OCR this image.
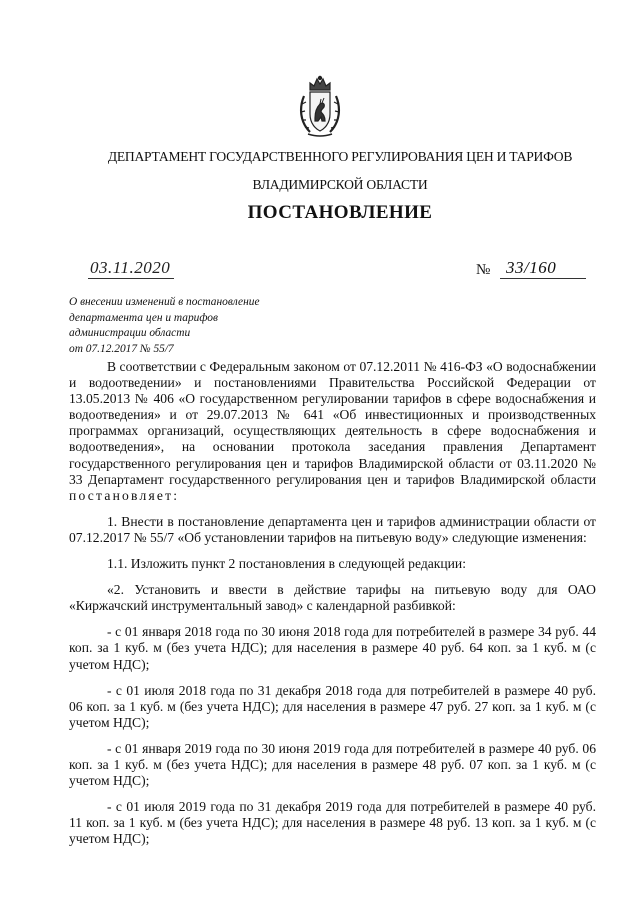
ДЕПАРТАМЕНТ ГОСУДАРСТВЕННОГО РЕГУЛИРОВАНИЯ ЦЕН И ТАРИФОВ
ВЛАДИМИРСКОЙ ОБЛАСТИ
ПОСТАНОВЛЕНИЕ
03.11.2020	№ 33/160
О внесении изменений в постановление
департамента цен и тарифов
администрации области
от 07.12.2017 № 55/7

В соответствии с Федеральным законом от 07.12.2011 № 416-ФЗ «О водоснабжении и водоотведении» и постановлениями Правительства Российской Федерации от 13.05.2013 № 406 «О государственном регулировании тарифов в сфере водоснабжения и водоотведения» и от 29.07.2013 № 641 «Об инвестиционных и производственных программах организаций, осуществляющих деятельность в сфере водоснабжения и водоотведения», на основании протокола заседания правления Департамент государственного регулирования цен и тарифов Владимирской области от 03.11.2020 № 33 Департамент государственного регулирования цен и тарифов Владимирской области постановляет:

1. Внести в постановление департамента цен и тарифов администрации области от 07.12.2017 № 55/7 «Об установлении тарифов на питьевую воду» следующие изменения:

1.1. Изложить пункт 2 постановления в следующей редакции:

«2. Установить и ввести в действие тарифы на питьевую воду для ОАО «Киржачский инструментальный завод» с календарной разбивкой:

- с 01 января 2018 года по 30 июня 2018 года для потребителей в размере 34 руб. 44 коп. за 1 куб. м (без учета НДС); для населения в размере 40 руб. 64 коп. за 1 куб. м (с учетом НДС);

- с 01 июля 2018 года по 31 декабря 2018 года для потребителей в размере 40 руб. 06 коп. за 1 куб. м (без учета НДС); для населения в размере 47 руб. 27 коп. за 1 куб. м (с учетом НДС);

- с 01 января 2019 года по 30 июня 2019 года для потребителей в размере 40 руб. 06 коп. за 1 куб. м (без учета НДС); для населения в размере 48 руб. 07 коп. за 1 куб. м (с учетом НДС);

- с 01 июля 2019 года по 31 декабря 2019 года для потребителей в размере 40 руб. 11 коп. за 1 куб. м (без учета НДС); для населения в размере 48 руб. 13 коп. за 1 куб. м (с учетом НДС);
